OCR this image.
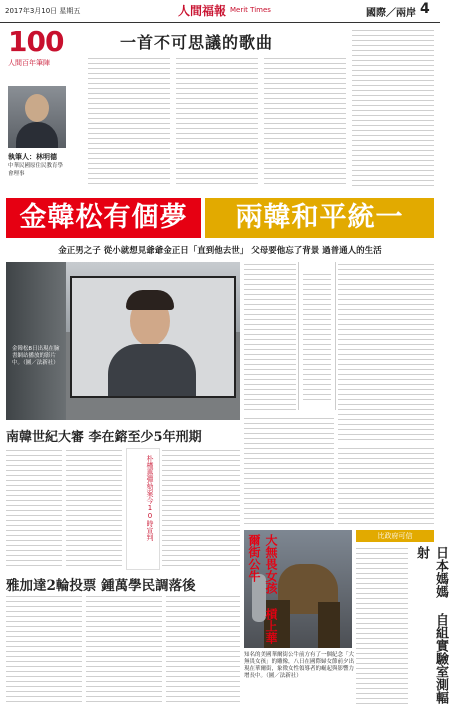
2017年3月10日 星期五	人間福報 Merit Times	國際／兩岸 4
100
人間百年筆陣
一首不可思議的歌曲
執筆人：林明德
中華民國原住民教育學會理事
金韓松有個夢	兩韓和平統一
金正男之子 從小就想見爺爺金正日「直到他去世」 父母要他忘了背景 過普通人的生活
金韓松8日出現在臉書網站播放的影片中。（圖／法新社）
南韓世紀大審 李在鎔至少5年刑期
朴槿惠彈劾案今10時宣判
雅加達2輪投票 鍾萬學民調落後	大無畏女孩 槓上華爾街公牛
知名的美國華爾街公牛前方有了一個紀念「大無畏女孩」的雕像，八日在國際婦女節前夕出現在華爾街，象徵女性領導者的崛起與影響力增長中。（圖／法新社）
比政府可信
日本媽媽 自組實驗室測輻射
